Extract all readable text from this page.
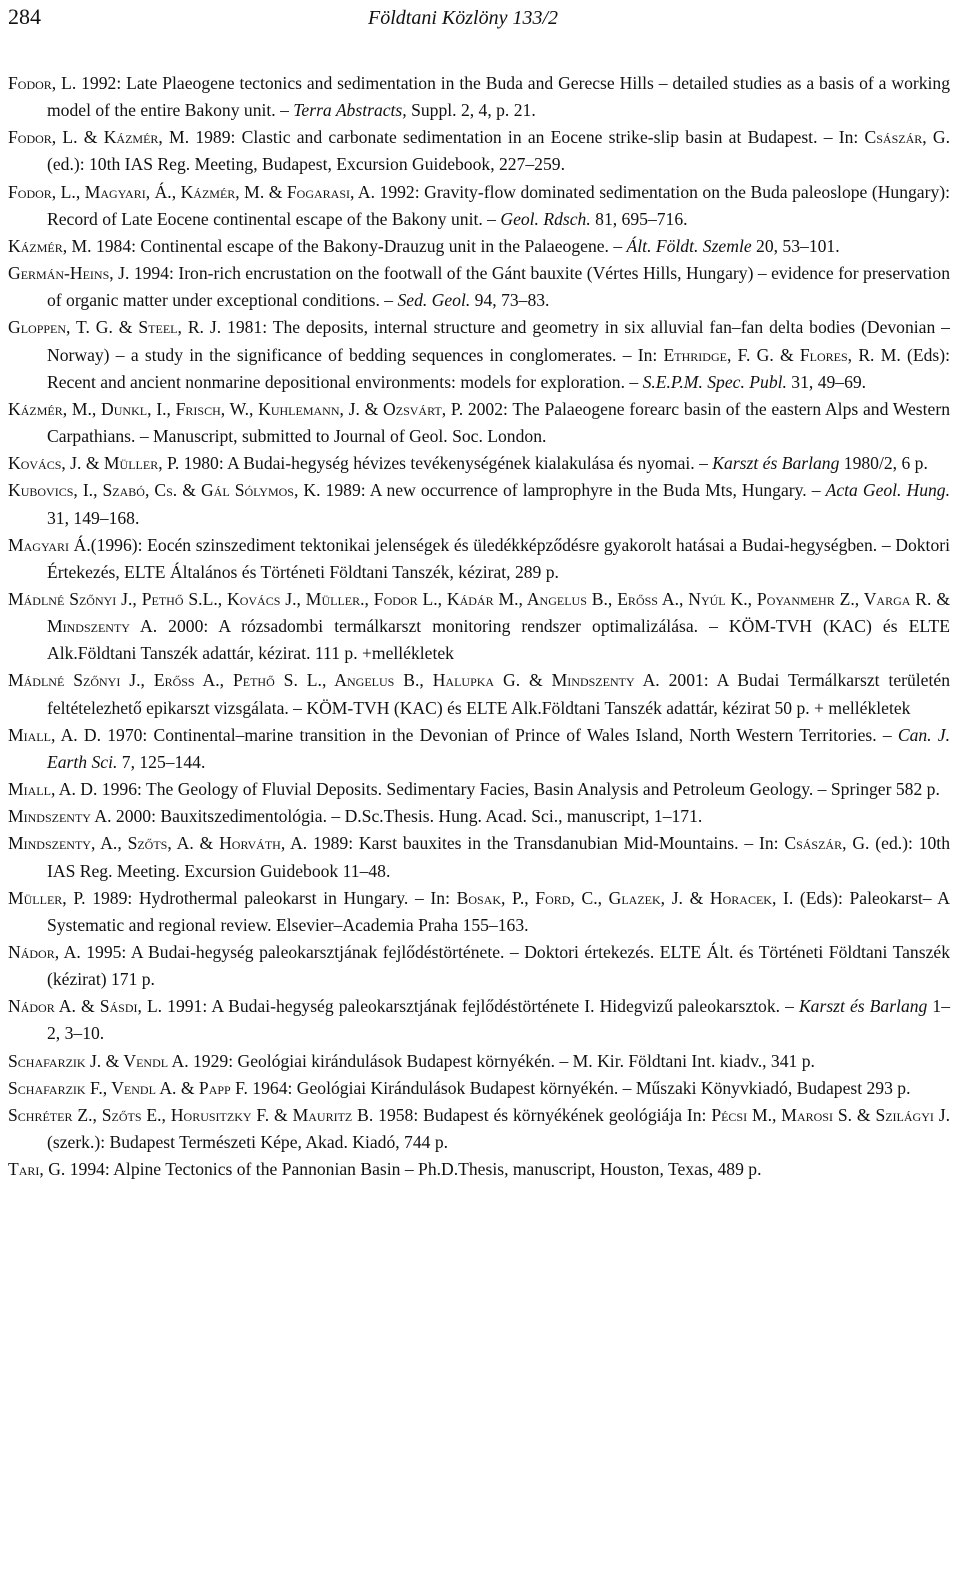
284	Földtani Közlöny 133/2

Fodor, L. 1992: Late Plaeogene tectonics and sedimentation in the Buda and Gerecse Hills – detailed studies as a basis of a working model of the entire Bakony unit. – Terra Abstracts, Suppl. 2, 4, p. 21.

Fodor, L. & Kázmér, M. 1989: Clastic and carbonate sedimentation in an Eocene strike-slip basin at Budapest. – In: Császár, G. (ed.): 10th IAS Reg. Meeting, Budapest, Excursion Guidebook, 227–259.

Fodor, L., Magyari, Á., Kázmér, M. & Fogarasi, A. 1992: Gravity-flow dominated sedimentation on the Buda paleoslope (Hungary): Record of Late Eocene continental escape of the Bakony unit. – Geol. Rdsch. 81, 695–716.

Kázmér, M. 1984: Continental escape of the Bakony-Drauzug unit in the Palaeogene. – Ált. Földt. Szemle 20, 53–101.

Germán-Heins, J. 1994: Iron-rich encrustation on the footwall of the Gánt bauxite (Vértes Hills, Hungary) – evidence for preservation of organic matter under exceptional conditions. – Sed. Geol. 94, 73–83.

Gloppen, T. G. & Steel, R. J. 1981: The deposits, internal structure and geometry in six alluvial fan–fan delta bodies (Devonian – Norway) – a study in the significance of bedding sequences in conglomerates. – In: Ethridge, F. G. & Flores, R. M. (Eds): Recent and ancient nonmarine depositional environments: models for exploration. – S.E.P.M. Spec. Publ. 31, 49–69.

Kázmér, M., Dunkl, I., Frisch, W., Kuhlemann, J. & Ozsvárt, P. 2002: The Palaeogene forearc basin of the eastern Alps and Western Carpathians. – Manuscript, submitted to Journal of Geol. Soc. London.

Kovács, J. & Müller, P. 1980: A Budai-hegység hévizes tevékenységének kialakulása és nyomai. – Karszt és Barlang 1980/2, 6 p.

Kubovics, I., Szabó, Cs. & Gál Sólymos, K. 1989: A new occurrence of lamprophyre in the Buda Mts, Hungary. – Acta Geol. Hung. 31, 149–168.

Magyari Á.(1996): Eocén szinszediment tektonikai jelenségek és üledékképződésre gyakorolt hatásai a Budai-hegységben. – Doktori Értekezés, ELTE Általános és Történeti Földtani Tanszék, kézirat, 289 p.

Mádlné Szőnyi J., Pethő S.L., Kovács J., Müller., Fodor L., Kádár M., Angelus B., Erőss A., Nyúl K., Poyanmehr Z., Varga R. & Mindszenty A. 2000: A rózsadombi termálkarszt monitoring rendszer optimalizálása. – KÖM-TVH (KAC) és ELTE Alk.Földtani Tanszék adattár, kézirat. 111 p. +mellékletek

Mádlné Szőnyi J., Erőss A., Pethő S. L., Angelus B., Halupka G. & Mindszenty A. 2001: A Budai Termálkarszt területén feltételezhető epikarszt vizsgálata. – KÖM-TVH (KAC) és ELTE Alk.Földtani Tanszék adattár, kézirat 50 p. + mellékletek

Miall, A. D. 1970: Continental–marine transition in the Devonian of Prince of Wales Island, North Western Territories. – Can. J. Earth Sci. 7, 125–144.

Miall, A. D. 1996: The Geology of Fluvial Deposits. Sedimentary Facies, Basin Analysis and Petroleum Geology. – Springer 582 p.

Mindszenty A. 2000: Bauxitszedimentológia. – D.Sc.Thesis. Hung. Acad. Sci., manuscript, 1–171.

Mindszenty, A., Szőts, A. & Horváth, A. 1989: Karst bauxites in the Transdanubian Mid-Mountains. – In: Császár, G. (ed.): 10th IAS Reg. Meeting. Excursion Guidebook 11–48.

Müller, P. 1989: Hydrothermal paleokarst in Hungary. – In: Bosak, P., Ford, C., Glazek, J. & Horacek, I. (Eds): Paleokarst– A Systematic and regional review. Elsevier–Academia Praha 155–163.

Nádor, A. 1995: A Budai-hegység paleokarsztjának fejlődéstörténete. – Doktori értekezés. ELTE Ált. és Történeti Földtani Tanszék (kézirat) 171 p.

Nádor A. & Sásdi, L. 1991: A Budai-hegység paleokarsztjának fejlődéstörténete I. Hidegvizű paleokarsztok. – Karszt és Barlang 1–2, 3–10.

Schafarzik J. & Vendl A. 1929: Geológiai kirándulások Budapest környékén. – M. Kir. Földtani Int. kiadv., 341 p.

Schafarzik F., Vendl A. & Papp F. 1964: Geológiai Kirándulások Budapest környékén. – Műszaki Könyvkiadó, Budapest 293 p.

Schréter Z., Szőts E., Horusitzky F. & Mauritz B. 1958: Budapest és környékének geológiája In: Pécsi M., Marosi S. & Szilágyi J. (szerk.): Budapest Természeti Képe, Akad. Kiadó, 744 p.

Tari, G. 1994: Alpine Tectonics of the Pannonian Basin – Ph.D.Thesis, manuscript, Houston, Texas, 489 p.
